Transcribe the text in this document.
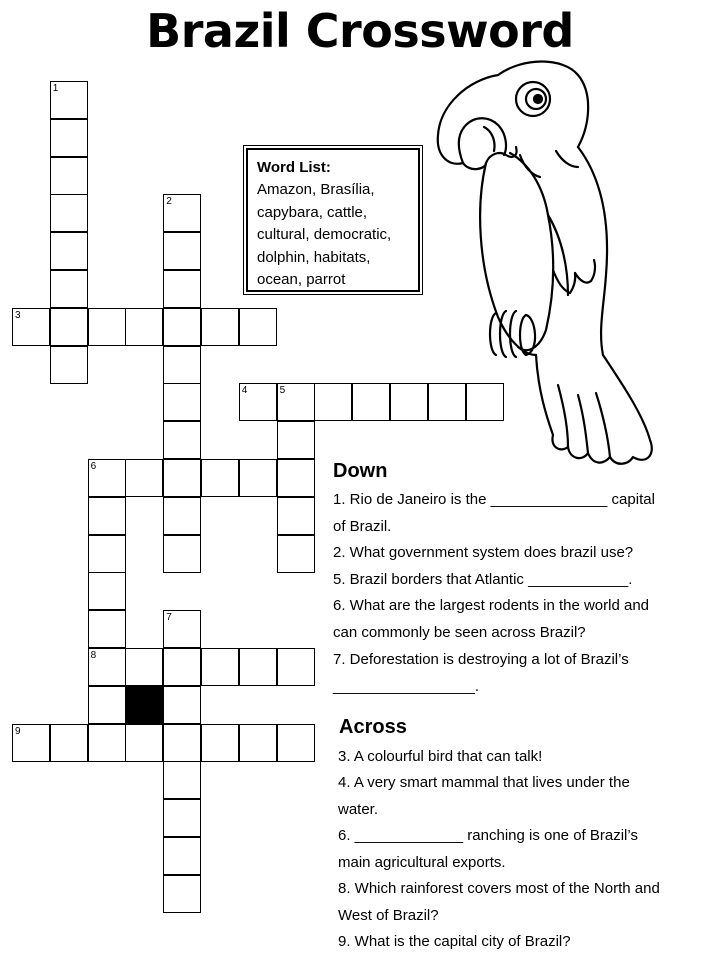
Brazil Crossword
1
2
3
4	5
6
8
7
9
Word List:
Amazon, Brasília,
capybara, cattle,
cultural, democratic,
dolphin, habitats,
ocean, parrot
Down
1. Rio de Janeiro is the ______________ capital
of Brazil.
2. What government system does brazil use?
5. Brazil borders that Atlantic ____________.
6. What are the largest rodents in the world and
can commonly be seen across Brazil?
7. Deforestation is destroying a lot of Brazil’s
_________________.
Across
3. A colourful bird that can talk!
4. A very smart mammal that lives under the
water.
6. _____________ ranching is one of Brazil’s
main agricultural exports.
8. Which rainforest covers most of the North and
West of Brazil?
9. What is the capital city of Brazil?
